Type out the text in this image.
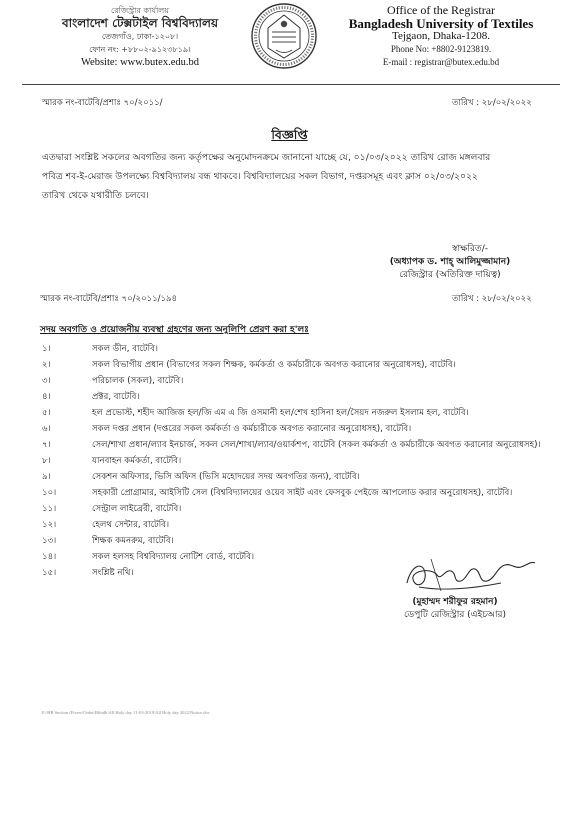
রেজিস্ট্রার কার্যালয়
বাংলাদেশ টেক্সটাইল বিশ্ববিদ্যালয়
তেজগাঁও, ঢাকা-১২০৮।
ফোন নং: +৮৮০২-৯১২৩৮১৯।
Website: www.butex.edu.bd
Office of the Registrar
Bangladesh University of Textiles
Tejgaon, Dhaka-1208.
Phone No: +8802-9123819.
E-mail : registrar@butex.edu.bd
স্মারক নং-বাটেবি/প্রশাঃ ৭০/২০১১/	তারিখ : ২৮/০২/২০২২
বিজ্ঞপ্তি

এতদ্বারা সংশ্লিষ্ট সকলের অবগতির জন্য কর্তৃপক্ষের অনুমোদনক্রমে জানানো যাচ্ছে যে, ০১/০৩/২০২২ তারিখ রোজ মঙ্গলবার

পবিত্র শব-ই-মেরাজ উপলক্ষ্যে বিশ্ববিদ্যালয় বন্ধ থাকবে। বিশ্ববিদ্যালয়ের সকল বিভাগ, দপ্তরসমূহ এবং ক্লাস ০২/০৩/২০২২

তারিখ থেকে যথারীতি চলবে।

স্বাক্ষরিত/-
(অধ্যাপক ড. শাহ্ আলিমুজ্জামান)
রেজিস্ট্রার (অতিরিক্ত দায়িত্ব)
স্মারক নং-বাটেবি/প্রশাঃ ৭০/২০১১/১৯৪	তারিখ : ২৮/০২/২০২২
সদয় অবগতি ও প্রয়োজনীয় ব্যবস্থা গ্রহণের জন্য অনুলিপি প্রেরণ করা হ'লঃ
১।	সকল ডীন, বাটেবি।
২।	সকল বিভাগীয় প্রধান (বিভাগের সকল শিক্ষক, কর্মকর্তা ও কর্মচারীকে অবগত করানোর অনুরোধসহ), বাটেবি।
৩।	পরিচালক (সকল), বাটেবি।
৪।	প্রক্টর, বাটেবি।
৫।	হল প্রভোস্ট, শহীদ আজিজ হল/জি এম এ জি ওসমানী হল/শেখ হাসিনা হল/সৈয়দ নজরুল ইসলাম হল, বাটেবি।
৬।	সকল দপ্তর প্রধান (দপ্তরের সকল কর্মকর্তা ও কর্মচারীকে অবগত করানোর অনুরোধসহ), বাটেবি।
৭।	সেল/শাখা প্রধান/ল্যাব ইনচার্জ, সকল সেল/শাখা/ল্যাব/ওয়ার্কশপ, বাটেবি (সকল কর্মকর্তা ও কর্মচারীকে অবগত করানোর অনুরোধসহ)।
৮।	যানবাহন কর্মকর্তা, বাটেবি।
৯।	সেকশন অফিসার, ভিসি অফিস (ভিসি মহোদয়ের সদয় অবগতির জন্য), বাটেবি।
১০।	সহকারী প্রোগ্রামার, আইসিটি সেল (বিশ্ববিদ্যালয়ের ওয়েব সাইট এবং ফেসবুক পেইজে আপলোড করার অনুরোধসহ), বাটেবি।
১১।	সেন্ট্রাল লাইব্রেরী, বাটেবি।
১২।	হেলথ সেন্টার, বাটেবি।
১৩।	শিক্ষক কমনরুম, বাটেবি।
১৪।	সকল হলসহ বিশ্ববিদ্যালয় নোটিশ বোর্ড, বাটেবি।
১৫।	সংশ্লিষ্ট নথি।
(মুহাম্মদ শরীফুর রহমান)
ডেপুটি রেজিস্ট্রার (এইচআর)
E:\HR Section (Fixew\Order\Bibidh\All Holy day 11-03-2019\All Holy day 2022\Notice.doc
